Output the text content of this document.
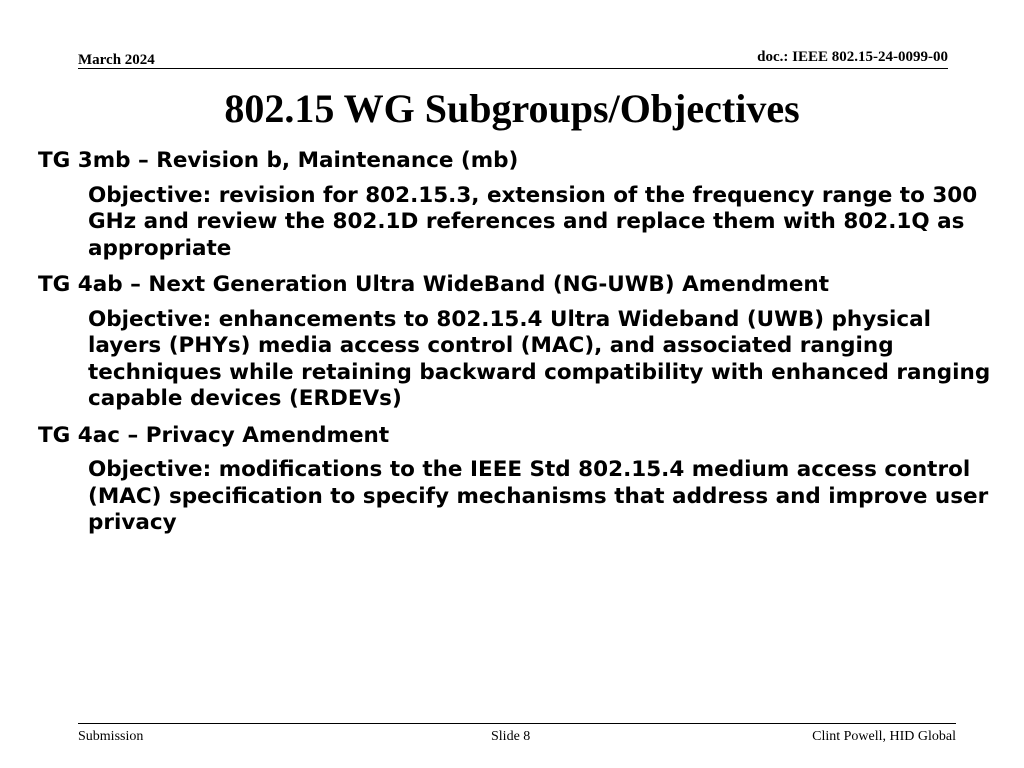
March 2024	doc.: IEEE 802.15-24-0099-00
802.15 WG Subgroups/Objectives
TG 3mb – Revision b, Maintenance (mb)
Objective: revision for 802.15.3, extension of the frequency range to 300 GHz and review the 802.1D references and replace them with 802.1Q as appropriate
TG 4ab – Next Generation Ultra WideBand (NG-UWB) Amendment
Objective: enhancements to 802.15.4 Ultra Wideband (UWB) physical layers (PHYs) media access control (MAC), and associated ranging techniques while retaining backward compatibility with enhanced ranging capable devices (ERDEVs)
TG 4ac – Privacy Amendment
Objective: modifications to the IEEE Std 802.15.4 medium access control (MAC) specification to specify mechanisms that address and improve user privacy
Submission	Slide 8	Clint Powell, HID Global
